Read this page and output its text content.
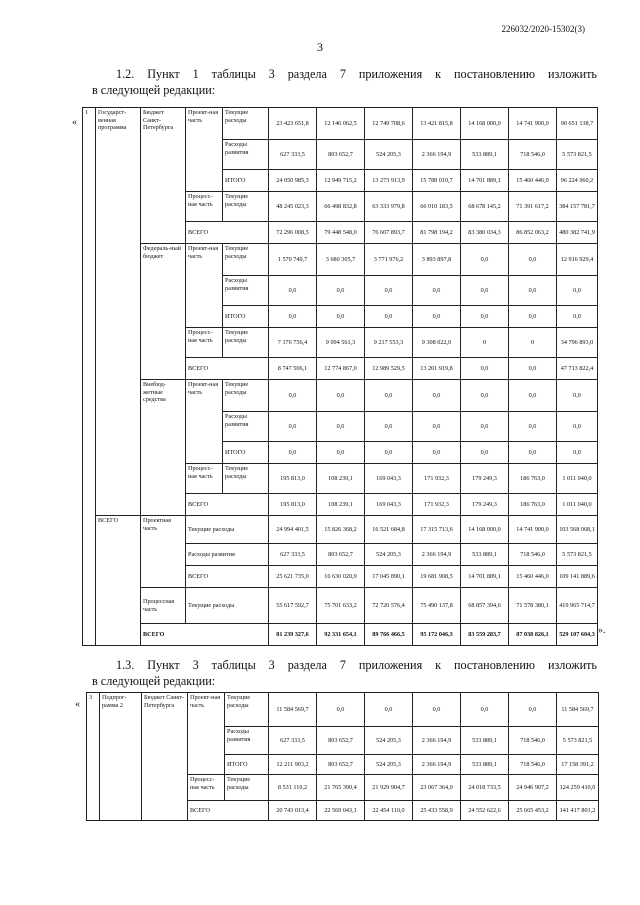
226032/2020-15302(3)
3
1.2. Пункт 1 таблицы 3 раздела 7 приложения к постановлению изложить
в следующей редакции:
«
1	Государст-венная программа	Бюджет Санкт-Петербурга	Проект-ная часть	Текущие расходы	23 423 651,8	12 146 062,5	12 749 708,6	13 421 815,8	14 168 000,0	14 741 900,0	90 651 138,7
				Расходы развития	627 333,5	803 652,7	524 205,3	2 366 194,9	533 889,1	718 546,0	5 573 821,5
				ИТОГО	24 050 985,3	12 949 715,2	13 273 913,9	15 788 010,7	14 701 889,1	15 460 446,0	96 224 960,2
			Процесс-ная часть	Текущие расходы	48 245 023,3	66 498 832,8	63 333 979,8	66 010 183,5	68 678 145,2	71 391 617,2	384 157 781,7
			ВСЕГО		72 296 008,5	79 448 548,0	76 607 893,7	81 798 194,2	83 380 034,3	86 852 063,2	480 382 741,9
		Федераль-ный бюджет	Проект-ная часть	Текущие расходы	1 570 749,7	3 680 305,7	3 771 976,2	3 893 897,8	0,0	0,0	12 916 929,4
				Расходы развития	0,0	0,0	0,0	0,0	0,0	0,0	0,0
				ИТОГО	0,0	0,0	0,0	0,0	0,0	0,0	0,0
			Процесс-ная часть	Текущие расходы	7 176 756,4	9 094 561,3	9 217 553,3	9 308 022,0	0	0	34 796 893,0
			ВСЕГО		8 747 506,1	12 774 867,0	12 989 529,5	13 201 919,8	0,0	0,0	47 713 822,4
		Внебюд-жетные средства	Проект-ная часть	Текущие расходы	0,0	0,0	0,0	0,0	0,0	0,0	0,0
				Расходы развития	0,0	0,0	0,0	0,0	0,0	0,0	0,0
				ИТОГО	0,0	0,0	0,0	0,0	0,0	0,0	0,0
			Процесс-ная часть	Текущие расходы	195 813,0	108 239,1	169 043,3	171 932,3	179 249,3	186 763,0	1 011 040,0
			ВСЕГО		195 813,0	108 239,1	169 043,3	171 932,3	179 249,3	186 763,0	1 011 040,0
	ВСЕГО	Проектная часть	Текущие расходы		24 994 401,5	15 826 368,2	16 521 684,8	17 315 713,6	14 168 000,0	14 741 900,0	103 568 068,1
			Расходы развития		627 333,5	803 652,7	524 205,3	2 366 194,9	533 889,1	718 546,0	5 573 821,5
			ВСЕГО		25 621 735,0	16 630 020,9	17 045 890,1	19 681 908,5	14 701 889,1	15 460 446,0	109 141 889,6
		Процессная часть	Текущие расходы		55 617 592,7	75 701 633,2	72 720 576,4	75 490 137,8	68 857 394,6	71 578 380,1	419 965 714,7
		ВСЕГО			81 239 327,6	92 331 654,1	89 766 466,5	95 172 046,3	83 559 283,7	87 038 826,1	529 107 604,3 ».
1.3. Пункт 3 таблицы 3 раздела 7 приложения к постановлению изложить
в следующей редакции:
«
3	Подпрог-рамма 2	Бюджет Санкт-Петербурга	Проект-ная часть	Текущие расходы	11 584 569,7	0,0	0,0	0,0	0,0	0,0	11 584 569,7
				Расходы развития	627 333,5	803 652,7	524 205,3	2 366 194,9	533 889,1	718 546,0	5 573 821,5
				ИТОГО	12 211 903,2	803 652,7	524 205,3	2 366 194,9	533 889,1	718 546,0	17 158 391,2
			Процесс-ная часть	Текущие расходы	8 531 110,2	21 765 390,4	21 929 904,7	23 067 364,0	24 018 733,5	24 946 907,2	124 259 410,0
			ВСЕГО		20 743 013,4	22 569 043,1	22 454 110,0	25 433 558,9	24 552 622,6	25 665 453,2	141 417 801,2
